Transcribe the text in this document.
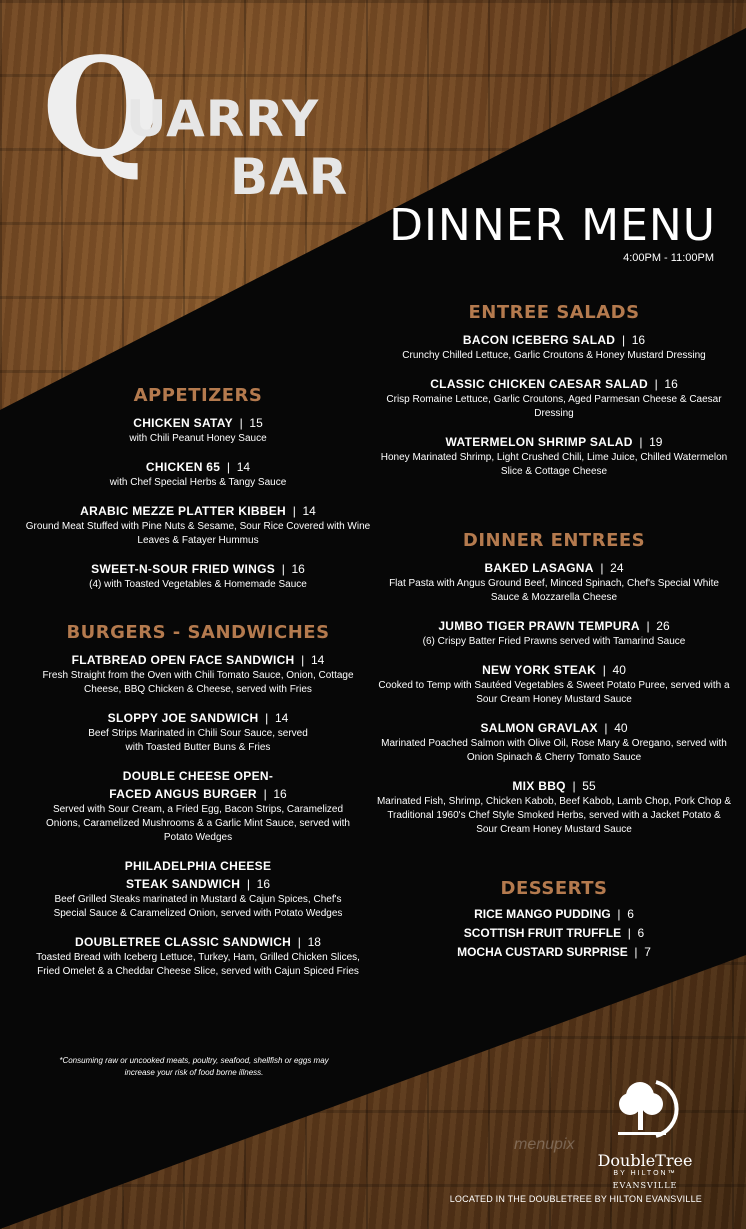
Q
UARRY
BAR
DINNER MENU
4:00PM - 11:00PM
ENTREE SALADS
BACON ICEBERG SALAD  |  16
Crunchy Chilled Lettuce, Garlic Croutons & Honey Mustard Dressing
CLASSIC CHICKEN CAESAR SALAD  |  16
Crisp Romaine Lettuce, Garlic Croutons, Aged Parmesan Cheese & Caesar Dressing
WATERMELON SHRIMP SALAD  |  19
Honey Marinated Shrimp, Light Crushed Chili, Lime Juice, Chilled Watermelon Slice & Cottage Cheese
DINNER ENTREES
BAKED LASAGNA  |  24
Flat Pasta with Angus Ground Beef, Minced Spinach, Chef's Special White Sauce & Mozzarella Cheese
JUMBO TIGER PRAWN TEMPURA  |  26
(6) Crispy Batter Fried Prawns served with Tamarind Sauce
NEW YORK STEAK  |  40
Cooked to Temp with Sautéed Vegetables & Sweet Potato Puree, served with a Sour Cream Honey Mustard Sauce
SALMON GRAVLAX  |  40
Marinated Poached Salmon with Olive Oil, Rose Mary & Oregano, served with Onion Spinach & Cherry Tomato Sauce
MIX BBQ  |  55
Marinated Fish, Shrimp, Chicken Kabob, Beef Kabob, Lamb Chop, Pork Chop & Traditional 1960's Chef Style Smoked Herbs, served with a Jacket Potato & Sour Cream Honey Mustard Sauce
DESSERTS
RICE MANGO PUDDING  |  6
SCOTTISH FRUIT TRUFFLE  |  6
MOCHA CUSTARD SURPRISE  |  7
APPETIZERS
CHICKEN SATAY  |  15
with Chili Peanut Honey Sauce
CHICKEN 65  |  14
with Chef Special Herbs & Tangy Sauce
ARABIC MEZZE PLATTER KIBBEH  |  14
Ground Meat Stuffed with Pine Nuts & Sesame, Sour Rice Covered with Wine Leaves & Fatayer Hummus
SWEET-N-SOUR FRIED WINGS  |  16
(4) with Toasted Vegetables & Homemade Sauce
BURGERS - SANDWICHES
FLATBREAD OPEN FACE SANDWICH  |  14
Fresh Straight from the Oven with Chili Tomato Sauce, Onion, Cottage Cheese, BBQ Chicken & Cheese, served with Fries
SLOPPY JOE SANDWICH  |  14
Beef Strips Marinated in Chili Sour Sauce, served with Toasted Butter Buns & Fries
DOUBLE CHEESE OPEN-FACED ANGUS BURGER  |  16
Served with Sour Cream, a Fried Egg, Bacon Strips, Caramelized Onions, Caramelized Mushrooms & a Garlic Mint Sauce, served with Potato Wedges
PHILADELPHIA CHEESE STEAK SANDWICH  |  16
Beef Grilled Steaks marinated in Mustard & Cajun Spices, Chef's Special Sauce & Caramelized Onion, served with Potato Wedges
DOUBLETREE CLASSIC SANDWICH  |  18
Toasted Bread with Iceberg Lettuce, Turkey, Ham, Grilled Chicken Slices, Fried Omelet & a Cheddar Cheese Slice, served with Cajun Spiced Fries
*Consuming raw or uncooked meats, poultry, seafood, shellfish or eggs may increase your risk of food borne illness.
DoubleTree
BY HILTON™
EVANSVILLE
menupix
LOCATED IN THE DOUBLETREE BY HILTON EVANSVILLE
